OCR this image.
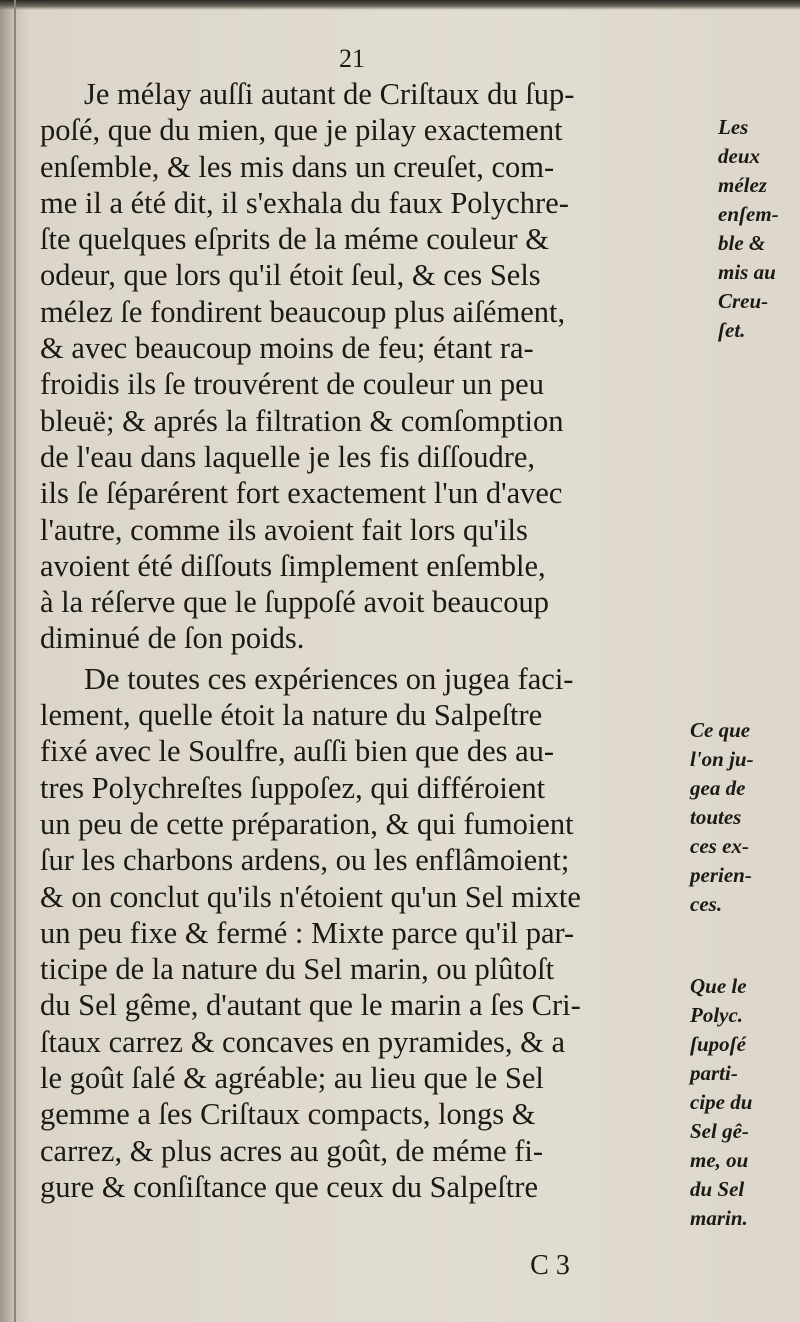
21
Je mélay auſſi autant de Criſtaux du ſup-
poſé, que du mien, que je pilay exactement
enſemble, & les mis dans un creuſet, com-
me il a été dit, il s'exhala du faux Polychre-
ſte quelques eſprits de la méme couleur &
odeur, que lors qu'il étoit ſeul, & ces Sels
mélez ſe fondirent beaucoup plus aiſément,
& avec beaucoup moins de feu; étant ra-
froidis ils ſe trouvérent de couleur un peu
bleuë; & aprés la filtration & comſomption
de l'eau dans laquelle je les fis diſſoudre,
ils ſe ſéparérent fort exactement l'un d'avec
l'autre, comme ils avoient fait lors qu'ils
avoient été diſſouts ſimplement enſemble,
à la réſerve que le ſuppoſé avoit beaucoup
diminué de ſon poids.
De toutes ces expériences on jugea faci-
lement, quelle étoit la nature du Salpeſtre
fixé avec le Soulfre, auſſi bien que des au-
tres Polychreſtes ſuppoſez, qui différoient
un peu de cette préparation, & qui fumoient
ſur les charbons ardens, ou les enflâmoient;
& on conclut qu'ils n'étoient qu'un Sel mixte
un peu fixe & fermé : Mixte parce qu'il par-
ticipe de la nature du Sel marin, ou plûtoſt
du Sel gême, d'autant que le marin a ſes Cri-
ſtaux carrez & concaves en pyramides, & a
le goût ſalé & agréable; au lieu que le Sel
gemme a ſes Criſtaux compacts, longs &
carrez, & plus acres au goût, de méme fi-
gure & conſiſtance que ceux du Salpeſtre
Les
deux
mélez
enſem-
ble &
mis au
Creu-
ſet.
Ce que
l'on ju-
gea de
toutes
ces ex-
perien-
ces.
Que le
Polyc.
ſupoſé
parti-
cipe du
Sel gê-
me, ou
du Sel
marin.
C 3
